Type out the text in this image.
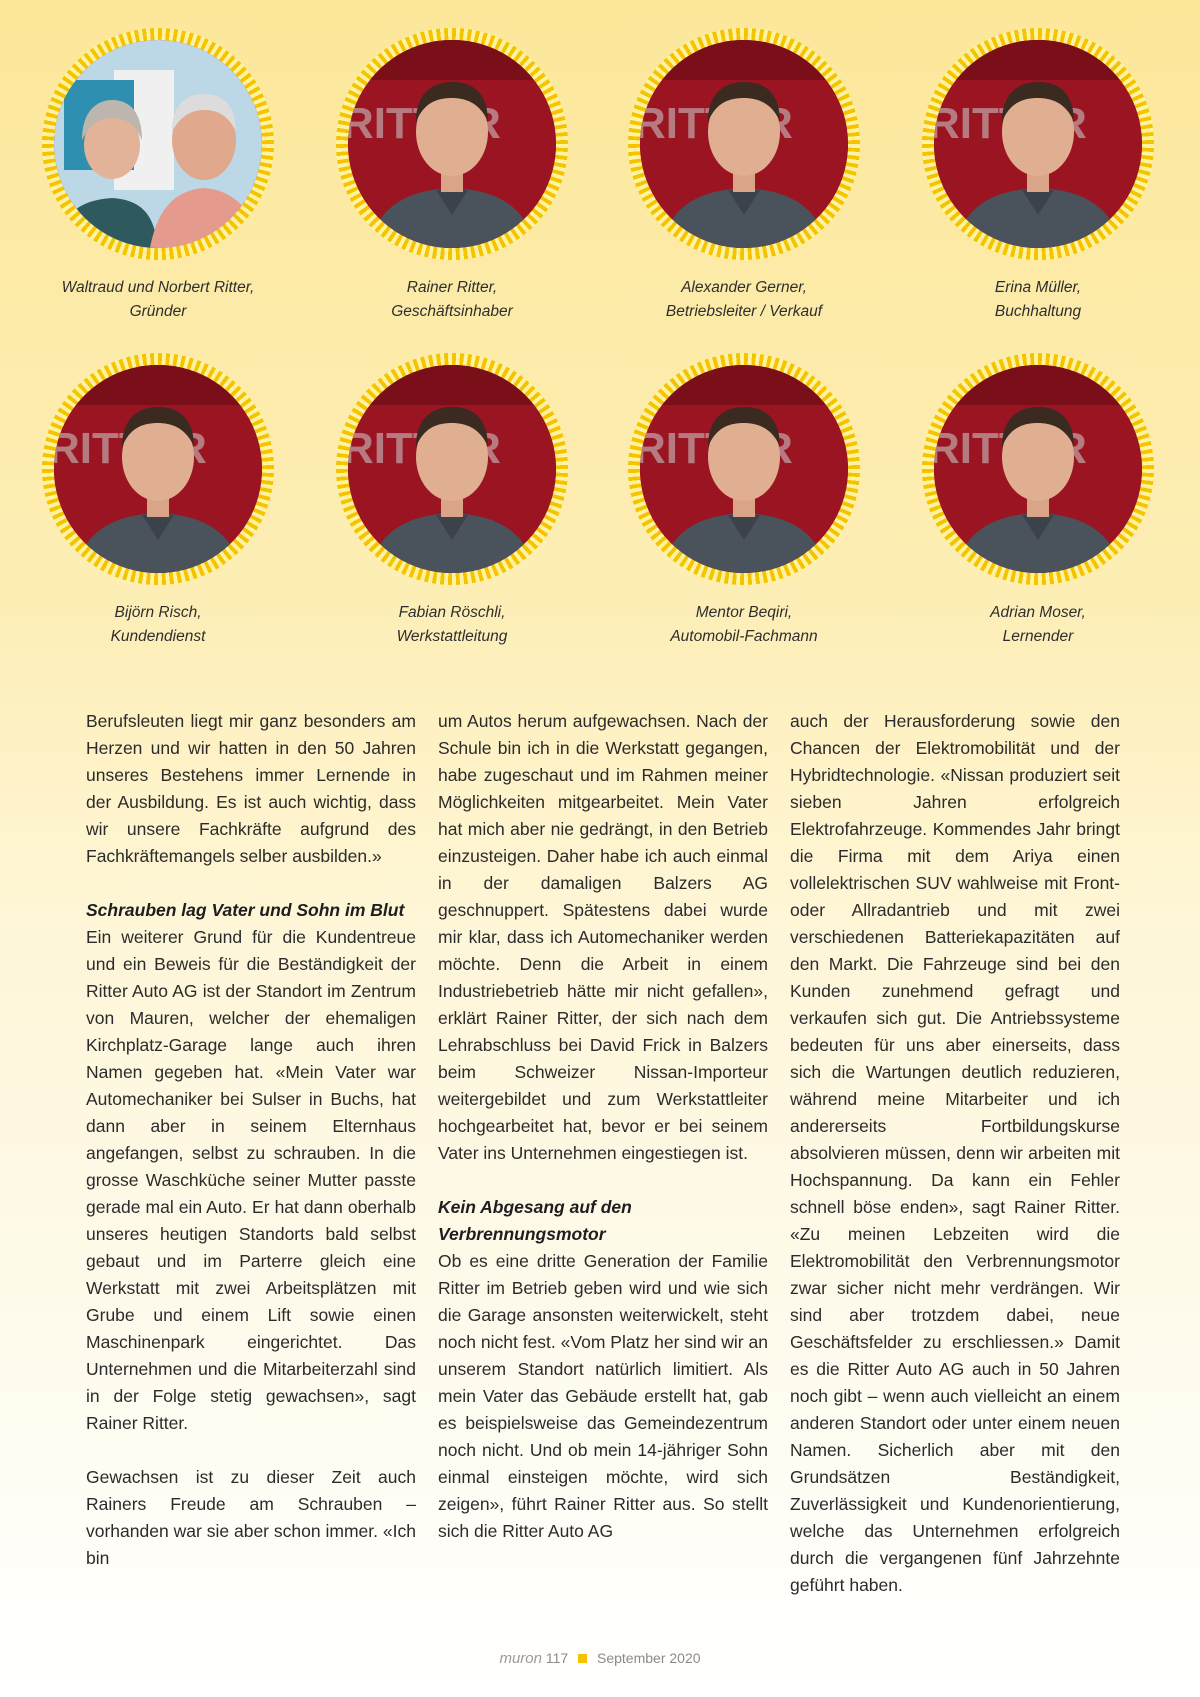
Waltraud und Norbert Ritter,
Gründer
Rainer Ritter,
Geschäftsinhaber
Alexander Gerner,
Betriebsleiter / Verkauf
Erina Müller,
Buchhaltung
Bijörn Risch,
Kundendienst
Fabian Röschli,
Werkstattleitung
Mentor Beqiri,
Automobil-Fachmann
Adrian Moser,
Lernender

Berufsleuten liegt mir ganz besonders am Herzen und wir hatten in den 50 Jahren unseres Bestehens immer Lernende in der Ausbildung. Es ist auch wichtig, dass wir unsere Fachkräfte aufgrund des Fachkräftemangels selber ausbilden.»

Schrauben lag Vater und Sohn im Blut

Ein weiterer Grund für die Kundentreue und ein Beweis für die Beständigkeit der Ritter Auto AG ist der Standort im Zentrum von Mauren, welcher der ehemaligen Kirchplatz-Garage lange auch ihren Namen gegeben hat. «Mein Vater war Automechaniker bei Sulser in Buchs, hat dann aber in seinem Elternhaus angefangen, selbst zu schrauben. In die grosse Waschküche seiner Mutter passte gerade mal ein Auto. Er hat dann oberhalb unseres heutigen Standorts bald selbst gebaut und im Parterre gleich eine Werkstatt mit zwei Arbeitsplätzen mit Grube und einem Lift sowie einen Maschinenpark eingerichtet. Das Unternehmen und die Mitarbeiterzahl sind in der Folge stetig gewachsen», sagt Rainer Ritter.

Gewachsen ist zu dieser Zeit auch Rainers Freude am Schrauben – vorhanden war sie aber schon immer. «Ich bin

um Autos herum aufgewachsen. Nach der Schule bin ich in die Werkstatt gegangen, habe zugeschaut und im Rahmen meiner Möglichkeiten mitgearbeitet. Mein Vater hat mich aber nie gedrängt, in den Betrieb einzusteigen. Daher habe ich auch einmal in der damaligen Balzers AG geschnuppert. Spätestens dabei wurde mir klar, dass ich Automechaniker werden möchte. Denn die Arbeit in einem Industriebetrieb hätte mir nicht gefallen», erklärt Rainer Ritter, der sich nach dem Lehrabschluss bei David Frick in Balzers beim Schweizer Nissan-Importeur weitergebildet und zum Werkstattleiter hochgearbeitet hat, bevor er bei seinem Vater ins Unternehmen eingestiegen ist.

Kein Abgesang auf den Verbrennungsmotor

Ob es eine dritte Generation der Familie Ritter im Betrieb geben wird und wie sich die Garage ansonsten weiterwickelt, steht noch nicht fest. «Vom Platz her sind wir an unserem Standort natürlich limitiert. Als mein Vater das Gebäude erstellt hat, gab es beispielsweise das Gemeindezentrum noch nicht. Und ob mein 14-jähriger Sohn einmal einsteigen möchte, wird sich zeigen», führt Rainer Ritter aus. So stellt sich die Ritter Auto AG

auch der Herausforderung sowie den Chancen der Elektromobilität und der Hybridtechnologie. «Nissan produziert seit sieben Jahren erfolgreich Elektrofahrzeuge. Kommendes Jahr bringt die Firma mit dem Ariya einen vollelektrischen SUV wahlweise mit Front- oder Allradantrieb und mit zwei verschiedenen Batteriekapazitäten auf den Markt. Die Fahrzeuge sind bei den Kunden zunehmend gefragt und verkaufen sich gut. Die Antriebssysteme bedeuten für uns aber einerseits, dass sich die Wartungen deutlich reduzieren, während meine Mitarbeiter und ich andererseits Fortbildungskurse absolvieren müssen, denn wir arbeiten mit Hochspannung. Da kann ein Fehler schnell böse enden», sagt Rainer Ritter. «Zu meinen Lebzeiten wird die Elektromobilität den Verbrennungsmotor zwar sicher nicht mehr verdrängen. Wir sind aber trotzdem dabei, neue Geschäftsfelder zu erschliessen.» Damit es die Ritter Auto AG auch in 50 Jahren noch gibt – wenn auch vielleicht an einem anderen Standort oder unter einem neuen Namen. Sicherlich aber mit den Grundsätzen Beständigkeit, Zuverlässigkeit und Kundenorientierung, welche das Unternehmen erfolgreich durch die vergangenen fünf Jahrzehnte geführt haben.

muron 117 September 2020
